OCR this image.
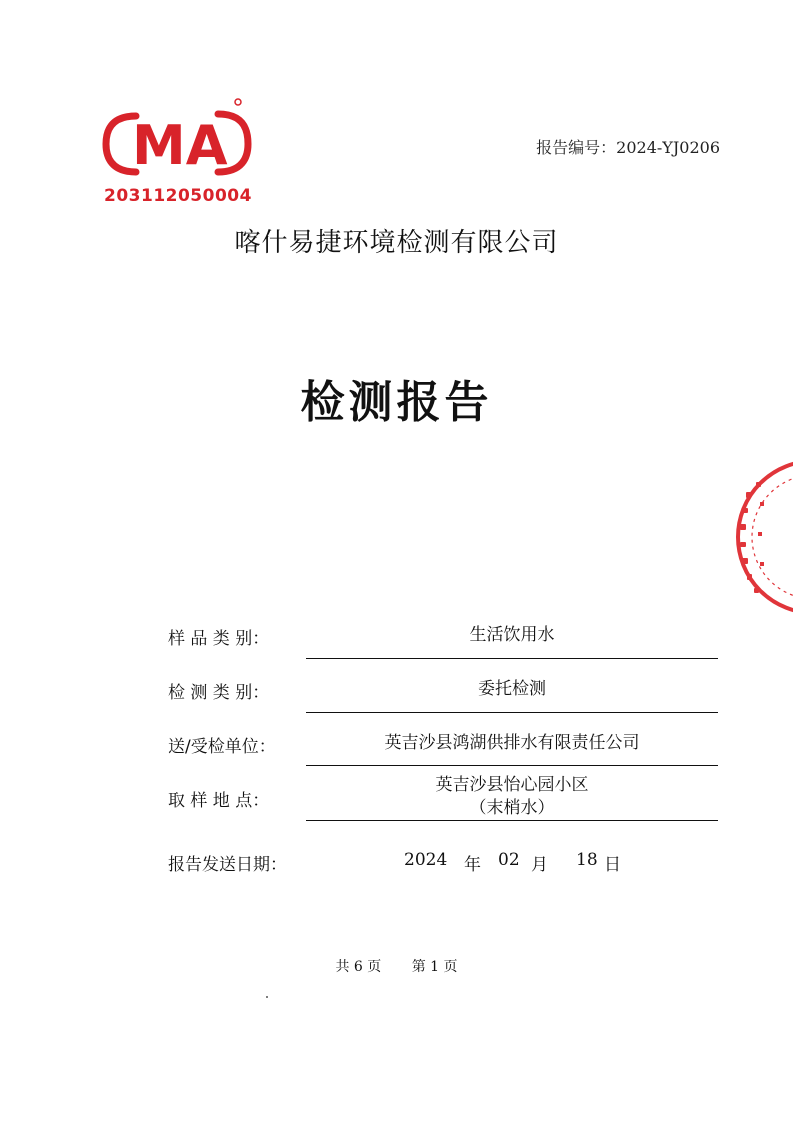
MA
203112050004
报告编号：2024-YJ0206
喀什易捷环境检测有限公司
检测报告
样 品 类 别：	生活饮用水
检 测 类 别：	委托检测
送/受检单位：	英吉沙县鸿湖供排水有限责任公司
取 样 地 点：
英吉沙县怡心园小区
（末梢水）
报告发送日期：	2024 年 02 月 18 日
共 6 页 第 1 页
